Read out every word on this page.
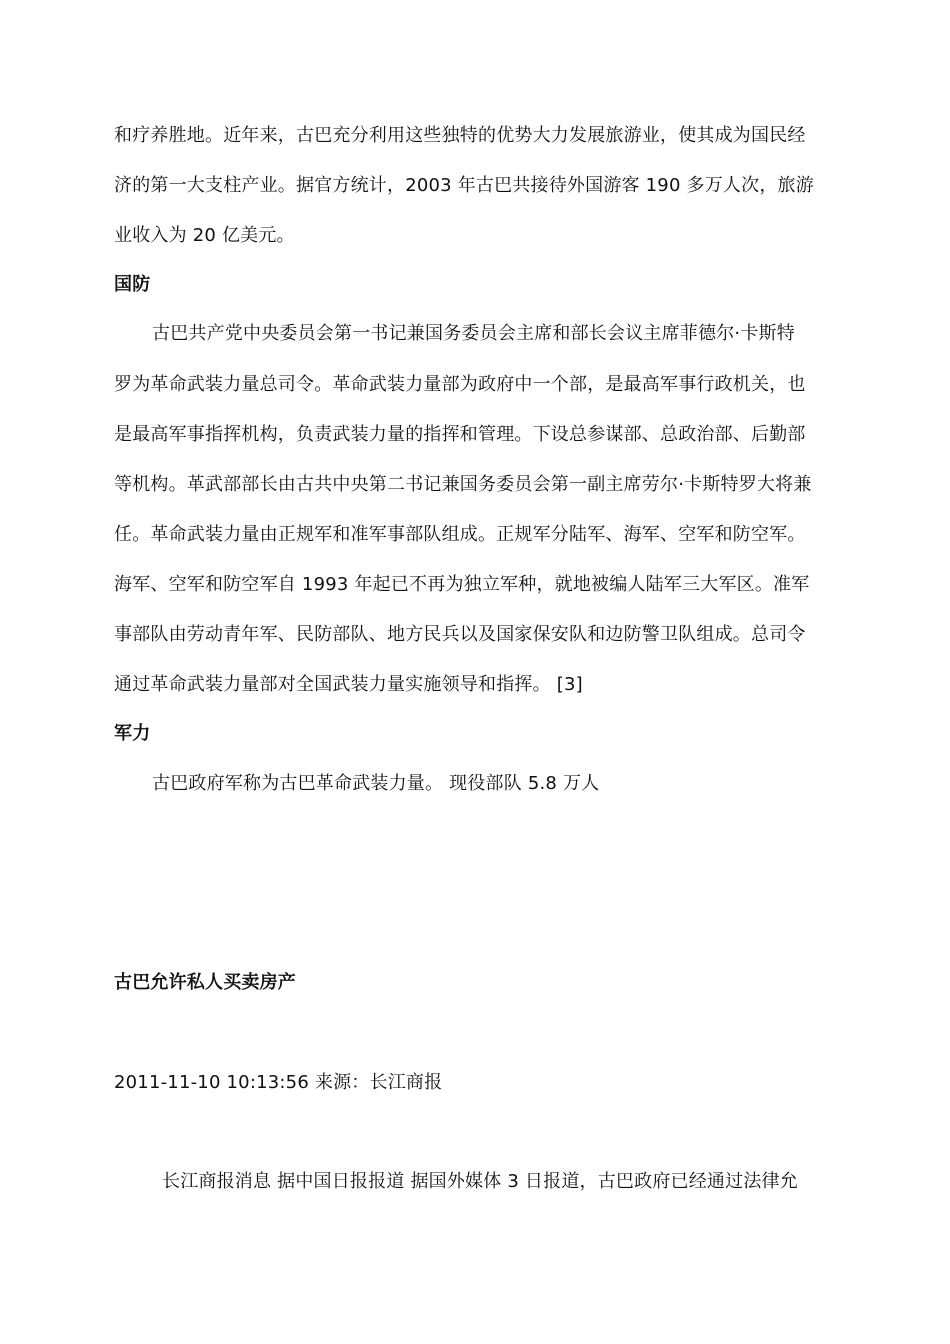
和疗养胜地。近年来，古巴充分利用这些独特的优势大力发展旅游业，使其成为国民经
济的第一大支柱产业。据官方统计，2003 年古巴共接待外国游客 190 多万人次，旅游
业收入为 20 亿美元。
国防
古巴共产党中央委员会第一书记兼国务委员会主席和部长会议主席菲德尔·卡斯特
罗为革命武装力量总司令。革命武装力量部为政府中一个部，是最高军事行政机关，也
是最高军事指挥机构，负责武装力量的指挥和管理。下设总参谋部、总政治部、后勤部
等机构。革武部部长由古共中央第二书记兼国务委员会第一副主席劳尔·卡斯特罗大将兼
任。革命武装力量由正规军和准军事部队组成。正规军分陆军、海军、空军和防空军。
海军、空军和防空军自 1993 年起已不再为独立军种，就地被编人陆军三大军区。准军
事部队由劳动青年军、民防部队、地方民兵以及国家保安队和边防警卫队组成。总司令
通过革命武装力量部对全国武装力量实施领导和指挥。 [3]
军力
古巴政府军称为古巴革命武装力量。 现役部队 5.8 万人
古巴允许私人买卖房产
2011-11-10 10:13:56 来源：长江商报
长江商报消息 据中国日报报道 据国外媒体 3 日报道，古巴政府已经通过法律允
